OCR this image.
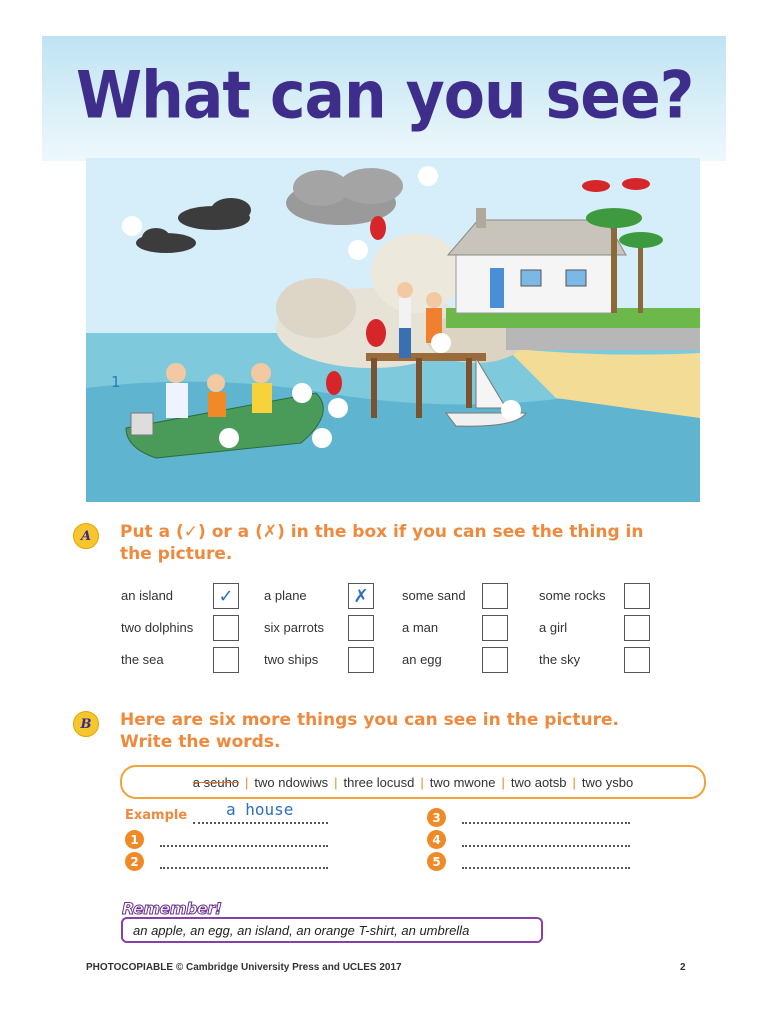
What can you see?
1
A	Put a (✓) or a (✗) in the box if you can see the thing in the picture.
an island	✓	a plane	✗	some sand	some rocks
two dolphins	six parrots	a man	a girl
the sea	two ships	an egg	the sky
B	Here are six more things you can see in the picture. Write the words.
a seuho | two ndowiws | three locusd | two mwone | two aotsb | two ysbo
Example a house
1
2
3
4
5
Remember!
an apple, an egg, an island, an orange T-shirt, an umbrella
PHOTOCOPIABLE © Cambridge University Press and UCLES 2017	2
